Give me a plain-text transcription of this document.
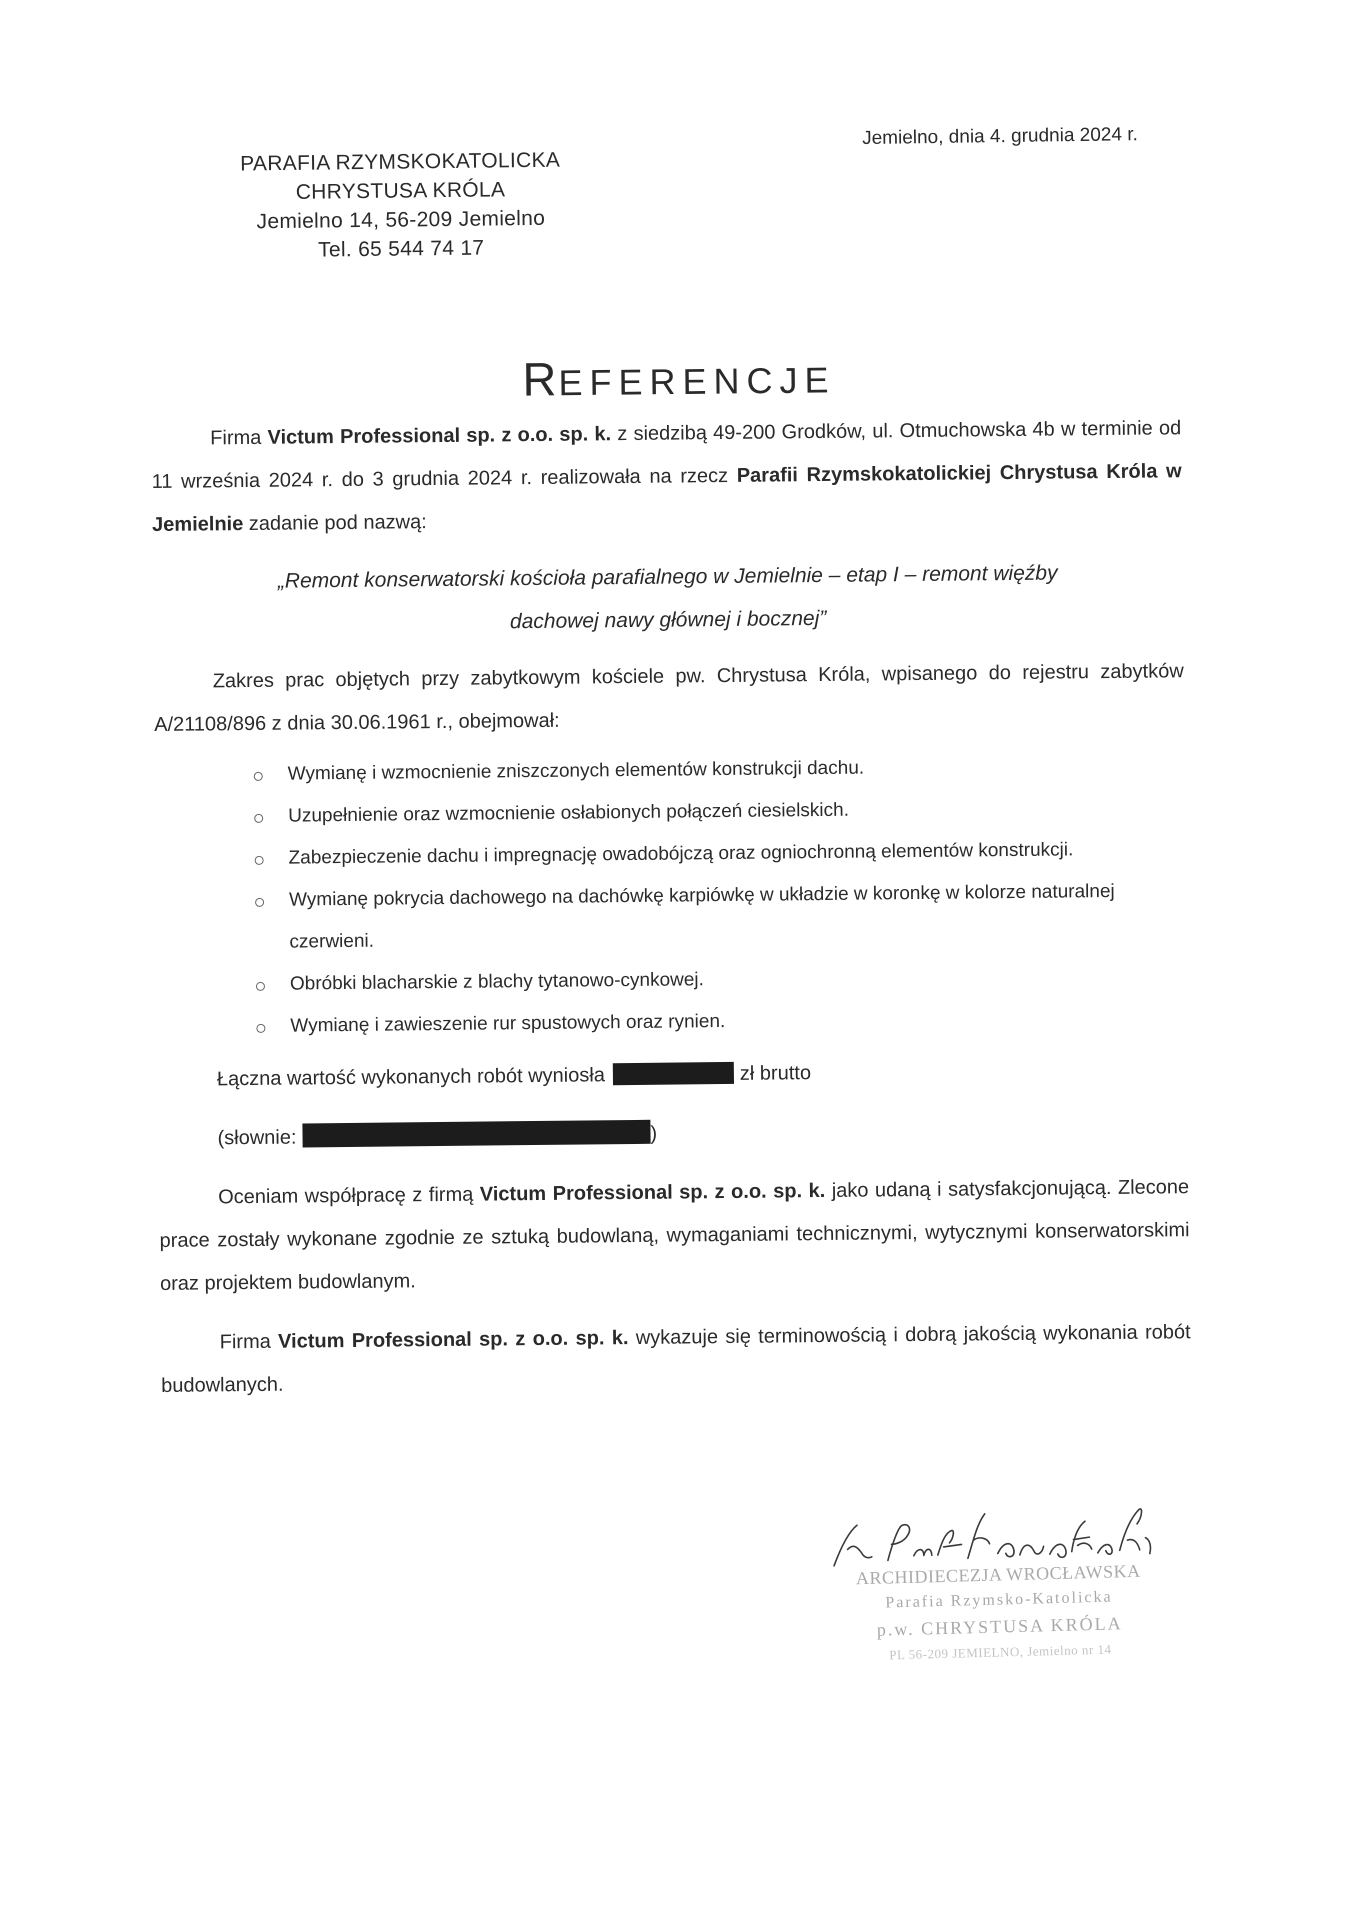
PARAFIA RZYMSKOKATOLICKA
CHRYSTUSA KRÓLA
Jemielno 14, 56-209 Jemielno
Tel. 65 544 74 17
Jemielno, dnia 4. grudnia 2024 r.
REFERENCJE

Firma Victum Professional sp. z o.o. sp. k. z siedzibą 49-200 Grodków, ul. Otmuchowska 4b w terminie od 11 września 2024 r. do 3 grudnia 2024 r. realizowała na rzecz Parafii Rzymskokatolickiej Chrystusa Króla w Jemielnie zadanie pod nazwą:

„Remont konserwatorski kościoła parafialnego w Jemielnie – etap I – remont więźby
dachowej nawy głównej i bocznej”

Zakres prac objętych przy zabytkowym kościele pw. Chrystusa Króla, wpisanego do rejestru zabytków A/21108/896 z dnia 30.06.1961 r., obejmował:

Wymianę i wzmocnienie zniszczonych elementów konstrukcji dachu.
Uzupełnienie oraz wzmocnienie osłabionych połączeń ciesielskich.
Zabezpieczenie dachu i impregnację owadobójczą oraz ogniochronną elementów konstrukcji.
Wymianę pokrycia dachowego na dachówkę karpiówkę w układzie w koronkę w kolorze naturalnej czerwieni.
Obróbki blacharskie z blachy tytanowo-cynkowej.
Wymianę i zawieszenie rur spustowych oraz rynien.
Łączna wartość wykonanych robót wyniosła	zł brutto
(słownie:	)

Oceniam współpracę z firmą Victum Professional sp. z o.o. sp. k. jako udaną i satysfakcjonującą. Zlecone prace zostały wykonane zgodnie ze sztuką budowlaną, wymaganiami technicznymi, wytycznymi konserwatorskimi oraz projektem budowlanym.

Firma Victum Professional sp. z o.o. sp. k. wykazuje się terminowością i dobrą jakością wykonania robót budowlanych.

ARCHIDIECEZJA WROCŁAWSKA
Parafia Rzymsko-Katolicka
p.w. CHRYSTUSA KRÓLA
PL 56-209 JEMIELNO, Jemielno nr 14
